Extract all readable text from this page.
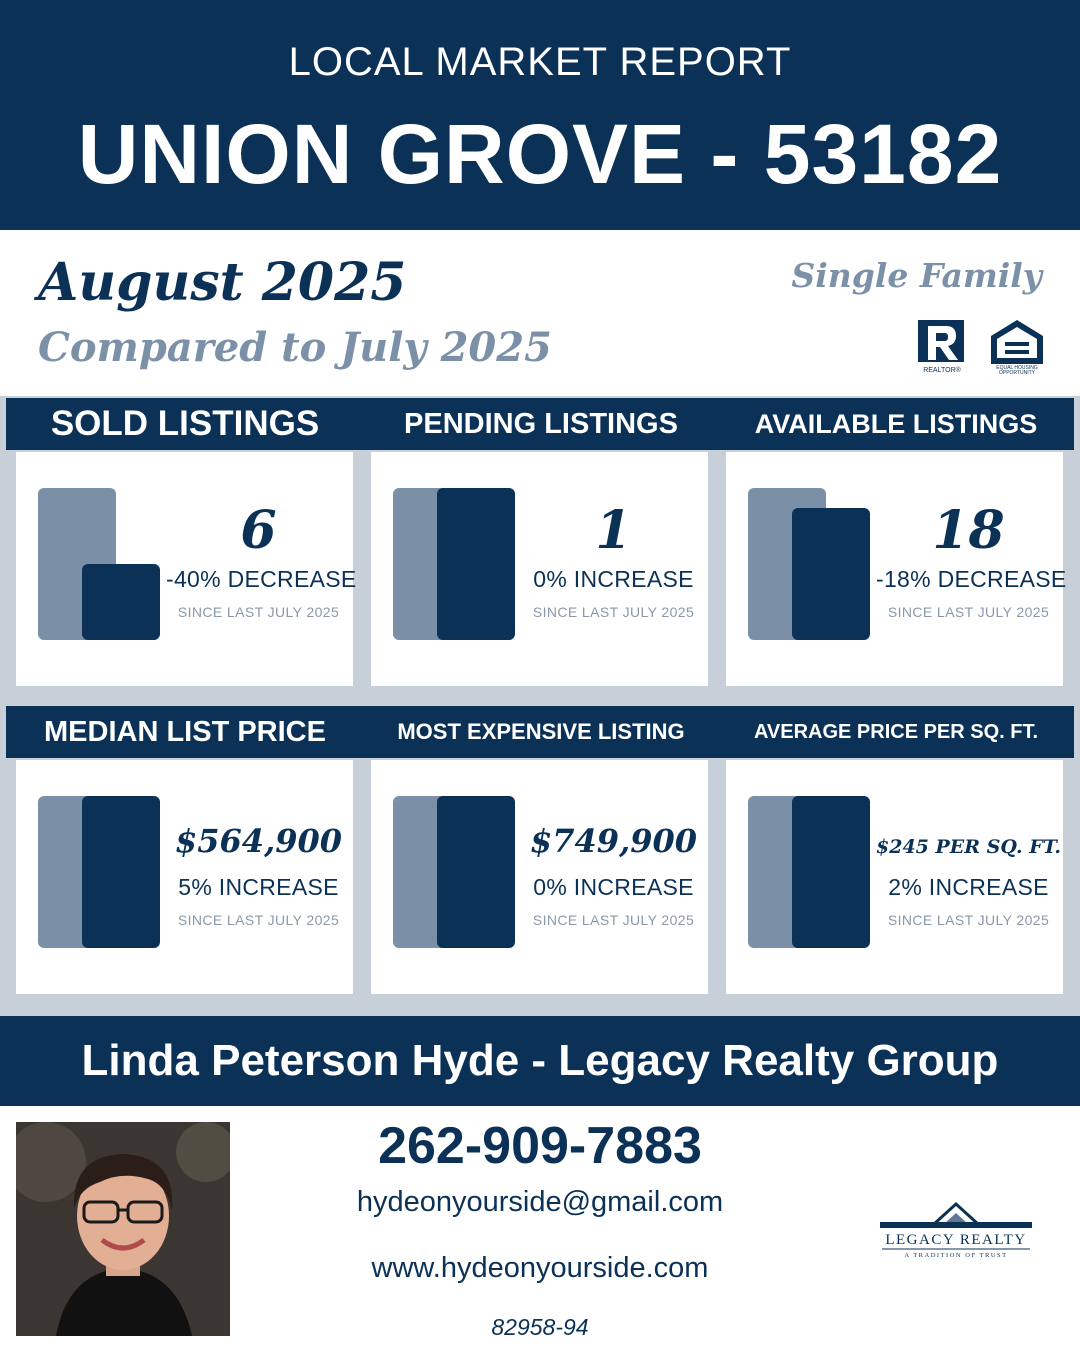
LOCAL MARKET REPORT
UNION GROVE - 53182
August 2025
Compared to July 2025
Single Family
REALTOR®	EQUAL HOUSING
OPPORTUNITY
SOLD LISTINGS	PENDING LISTINGS	AVAILABLE LISTINGS
6
-40% DECREASE
SINCE LAST JULY 2025
1
0% INCREASE
SINCE LAST JULY 2025
18
-18% DECREASE
SINCE LAST JULY 2025
MEDIAN LIST PRICE	MOST EXPENSIVE LISTING	AVERAGE PRICE PER SQ. FT.
$564,900
5% INCREASE
SINCE LAST JULY 2025
$749,900
0% INCREASE
SINCE LAST JULY 2025
$245 PER SQ. FT.
2% INCREASE
SINCE LAST JULY 2025
Linda Peterson Hyde - Legacy Realty Group
262-909-7883
hydeonyourside@gmail.com
www.hydeonyourside.com
82958-94
LEGACY REALTY
A TRADITION OF TRUST
